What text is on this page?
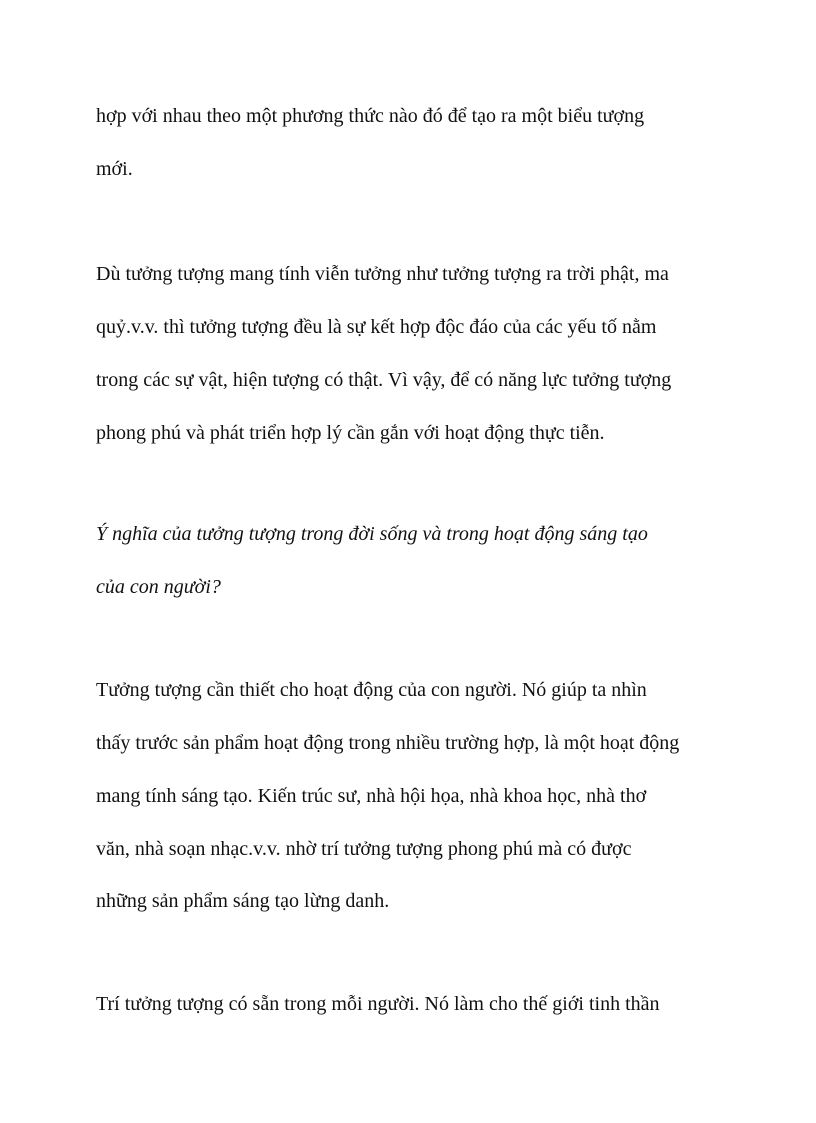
hợp với nhau theo một phương thức nào đó để tạo ra một biểu tượng

mới.

Dù tưởng tượng mang tính viễn tưởng như tưởng tượng ra trời phật, ma

quỷ.v.v. thì tưởng tượng đều là sự kết hợp độc đáo của các yếu tố nằm

trong các sự vật, hiện tượng có thật. Vì vậy, để có năng lực tưởng tượng

phong phú và phát triển hợp lý cần gắn với hoạt động thực tiễn.

Ý nghĩa của tưởng tượng trong đời sống và trong hoạt động sáng tạo

của con người?

Tưởng tượng cần thiết cho hoạt động của con người. Nó giúp ta nhìn

thấy trước sản phẩm hoạt động trong nhiều trường hợp, là một hoạt động

mang tính sáng tạo. Kiến trúc sư, nhà hội họa, nhà khoa học, nhà thơ

văn, nhà soạn nhạc.v.v. nhờ trí tưởng tượng phong phú mà có được

những sản phẩm sáng tạo lừng danh.

Trí tưởng tượng có sẵn trong mỗi người. Nó làm cho thế giới tinh thần
